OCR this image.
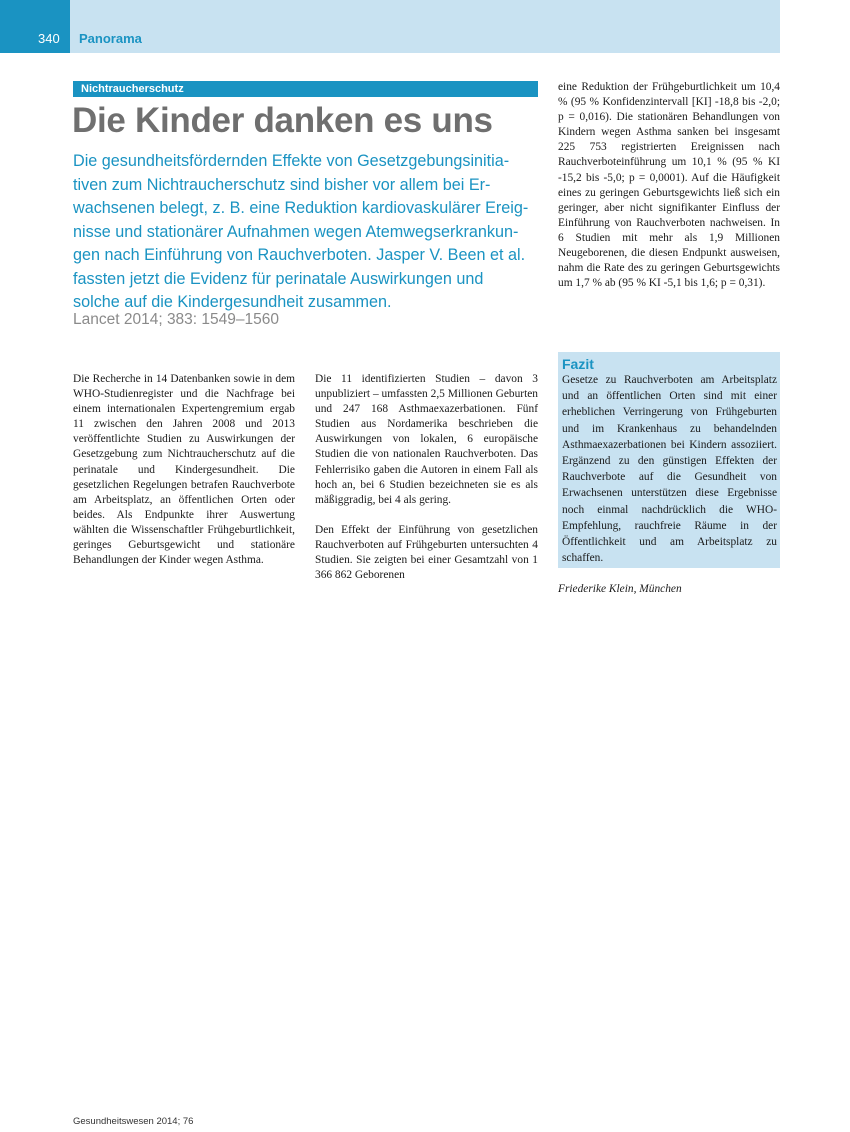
340 Panorama
Nichtraucherschutz
Die Kinder danken es uns
Die gesundheitsfördernden Effekte von Gesetzgebungsinitia-
tiven zum Nichtraucherschutz sind bisher vor allem bei Er-
wachsenen belegt, z. B. eine Reduktion kardiovaskulärer Ereig-
nisse und stationärer Aufnahmen wegen Atemwegserkrankun-
gen nach Einführung von Rauchverboten. Jasper V. Been et al.
fassten jetzt die Evidenz für perinatale Auswirkungen und
solche auf die Kindergesundheit zusammen.
Lancet 2014; 383: 1549–1560

Die Recherche in 14 Datenbanken sowie in dem WHO-Studienregister und die Nachfrage bei einem internationalen Expertengremium ergab 11 zwischen den Jahren 2008 und 2013 veröffentlichte Studien zu Auswirkungen der Gesetzgebung zum Nichtraucherschutz auf die perinatale und Kindergesundheit. Die gesetzlichen Regelungen betrafen Rauchverbote am Arbeitsplatz, an öffentlichen Orten oder beides. Als Endpunkte ihrer Auswertung wählten die Wissenschaftler Frühgeburtlichkeit, geringes Geburtsgewicht und stationäre Behandlungen der Kinder wegen Asthma.

Die 11 identifizierten Studien – davon 3 unpubliziert – umfassten 2,5 Millionen Geburten und 247 168 Asthmaexazerbationen. Fünf Studien aus Nordamerika beschrieben die Auswirkungen von lokalen, 6 europäische Studien die von nationalen Rauchverboten. Das Fehlerrisiko gaben die Autoren in einem Fall als hoch an, bei 6 Studien bezeichneten sie es als mäßiggradig, bei 4 als gering.

Den Effekt der Einführung von gesetzlichen Rauchverboten auf Frühgeburten untersuchten 4 Studien. Sie zeigten bei einer Gesamtzahl von 1 366 862 Geborenen

eine Reduktion der Frühgeburtlichkeit um 10,4 % (95 % Konfidenzintervall [KI] -18,8 bis -2,0; p = 0,016). Die stationären Behandlungen von Kindern wegen Asthma sanken bei insgesamt 225 753 registrierten Ereignissen nach Rauchverboteinführung um 10,1 % (95 % KI -15,2 bis -5,0; p = 0,0001). Auf die Häufigkeit eines zu geringen Geburtsgewichts ließ sich ein geringer, aber nicht signifikanter Einfluss der Einführung von Rauchverboten nachweisen. In 6 Studien mit mehr als 1,9 Millionen Neugeborenen, die diesen Endpunkt ausweisen, nahm die Rate des zu geringen Geburtsgewichts um 1,7 % ab (95 % KI -5,1 bis 1,6; p = 0,31).

Fazit
Gesetze zu Rauchverboten am Arbeitsplatz und an öffentlichen Orten sind mit einer erheblichen Verringerung von Frühgeburten und im Krankenhaus zu behandelnden Asthmaexazerbationen bei Kindern assoziiert. Ergänzend zu den günstigen Effekten der Rauchverbote auf die Gesundheit von Erwachsenen unterstützen diese Ergebnisse noch einmal nachdrücklich die WHO-Empfehlung, rauchfreie Räume in der Öffentlichkeit und am Arbeitsplatz zu schaffen.
Friederike Klein, München
Gesundheitswesen 2014; 76
